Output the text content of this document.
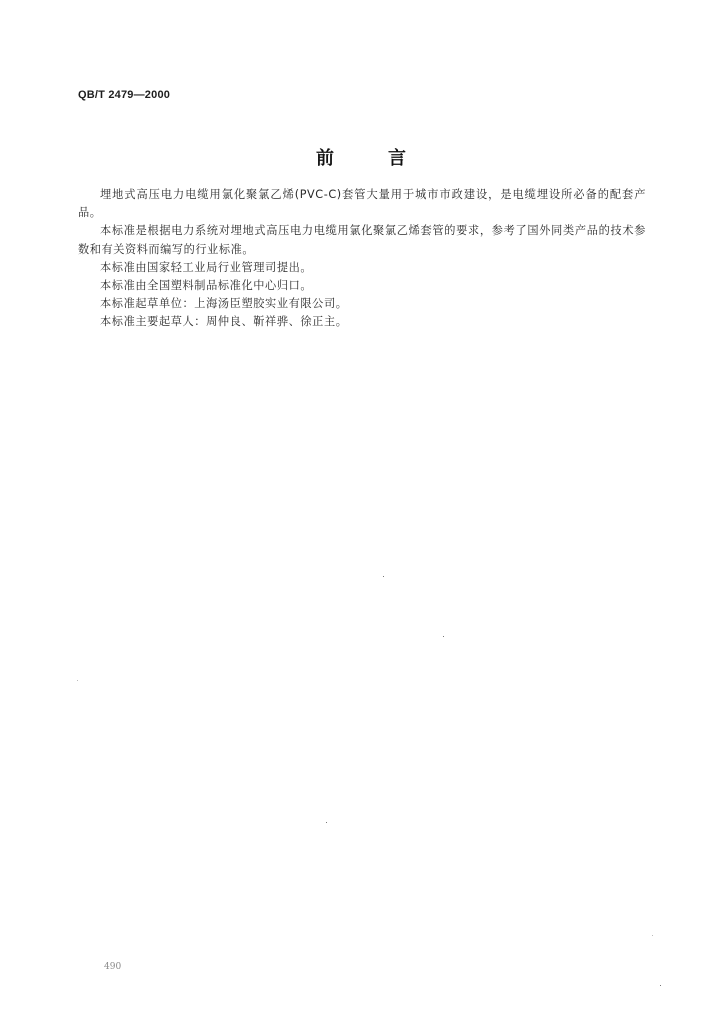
QB/T 2479—2000
前	言

埋地式高压电力电缆用氯化聚氯乙烯(PVC-C)套管大量用于城市市政建设，是电缆埋设所必备的配套产品。

本标准是根据电力系统对埋地式高压电力电缆用氯化聚氯乙烯套管的要求，参考了国外同类产品的技术参数和有关资料而编写的行业标准。

本标准由国家轻工业局行业管理司提出。

本标准由全国塑料制品标准化中心归口。

本标准起草单位：上海汤臣塑胶实业有限公司。

本标准主要起草人：周仲良、靳祥骅、徐正主。

490
